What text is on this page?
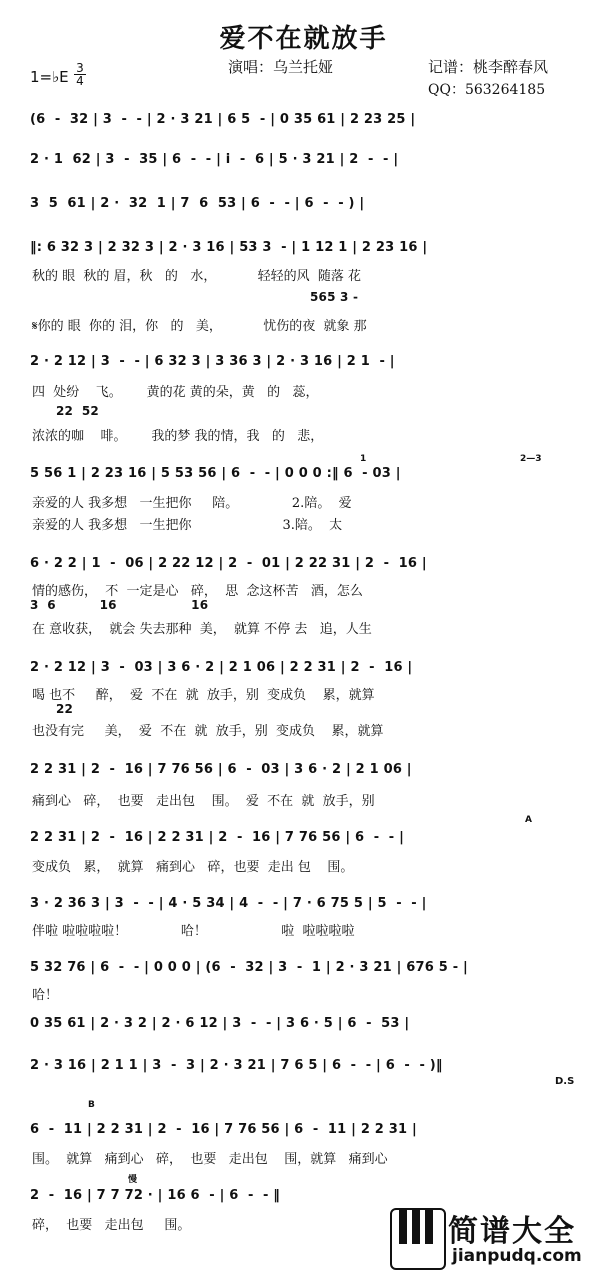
爱不在就放手
演唱：乌兰托娅	记谱：桃李醉春风
QQ：563264185
1=♭E 3
4
(6  -  32 | 3  -  - | 2 · 3 21 | 6 5  - | 0 35 61 | 2 23 25 |
2 · 1  62 | 3  -  35 | 6  -  - | i  -  6 | 5 · 3 21 | 2  -  - |
3  5  61 | 2 ·  32  1 | 7  6  53 | 6  -  - | 6  -  - ) |
‖: 6 32 3 | 2 32 3 | 2 · 3 16 | 53 3  - | 1 12 1 | 2 23 16 |
秋的 眼  秋的 眉，秋   的   水，          轻轻的风  随落 花
565 3 -
𝄋你的 眼  你的 泪，你   的   美，          忧伤的夜  就象 那
2 · 2 12 | 3  -  - | 6 32 3 | 3 36 3 | 2 · 3 16 | 2 1  - |
四  处纷    飞。      黄的花 黄的朵，黄   的   蕊，
22  52
浓浓的咖    啡。      我的梦 我的情，我   的   悲，
1	2—3
5 56 1 | 2 23 16 | 5 53 56 | 6  -  - | 0 0 0 :‖ 6  - 03 |
亲爱的人 我多想   一生把你     陪。             2.陪。  爱
亲爱的人 我多想   一生把你                      3.陪。  太
6 · 2 2 | 1  -  06 | 2 22 12 | 2  -  01 | 2 22 31 | 2  -  16 |
情的感伤，  不  一定是心   碎，  思  念这杯苦   酒，怎么
3  6          16                 16
在 意收获，  就会 失去那种  美，  就算 不停 去   追，人生
2 · 2 12 | 3  -  03 | 3 6 · 2 | 2 1 06 | 2 2 31 | 2  -  16 |
喝 也不     醉，  爱  不在  就  放手，别  变成负    累，就算
22
也没有完     美，  爱  不在  就  放手，别  变成负    累，就算
2 2 31 | 2  -  16 | 7 76 56 | 6  -  03 | 3 6 · 2 | 2 1 06 |
痛到心   碎，  也要   走出包    围。  爱  不在  就  放手，别
A
2 2 31 | 2  -  16 | 2 2 31 | 2  -  16 | 7 76 56 | 6  -  - |
变成负   累，  就算   痛到心   碎，也要  走出 包    围。
3 · 2 36 3 | 3  -  - | 4 · 5 34 | 4  -  - | 7 · 6 75 5 | 5  -  - |
伴啦 啦啦啦啦！             哈！                  啦  啦啦啦啦
5 32 76 | 6  -  - | 0 0 0 | (6  -  32 | 3  -  1 | 2 · 3 21 | 676 5 - |
哈！
0 35 61 | 2 · 3 2 | 2 · 6 12 | 3  -  - | 3 6 · 5 | 6  -  53 |
2 · 3 16 | 2 1 1 | 3  -  3 | 2 · 3 21 | 7 6 5 | 6  -  - | 6  -  - )‖
D.S
B
6  -  11 | 2 2 31 | 2  -  16 | 7 76 56 | 6  -  11 | 2 2 31 |
围。  就算   痛到心   碎，  也要   走出包    围，就算   痛到心
慢
2  -  16 | 7 7 72 · | 16 6  - | 6  -  - ‖
碎，  也要   走出包     围。	简谱大全
jianpudq.com
